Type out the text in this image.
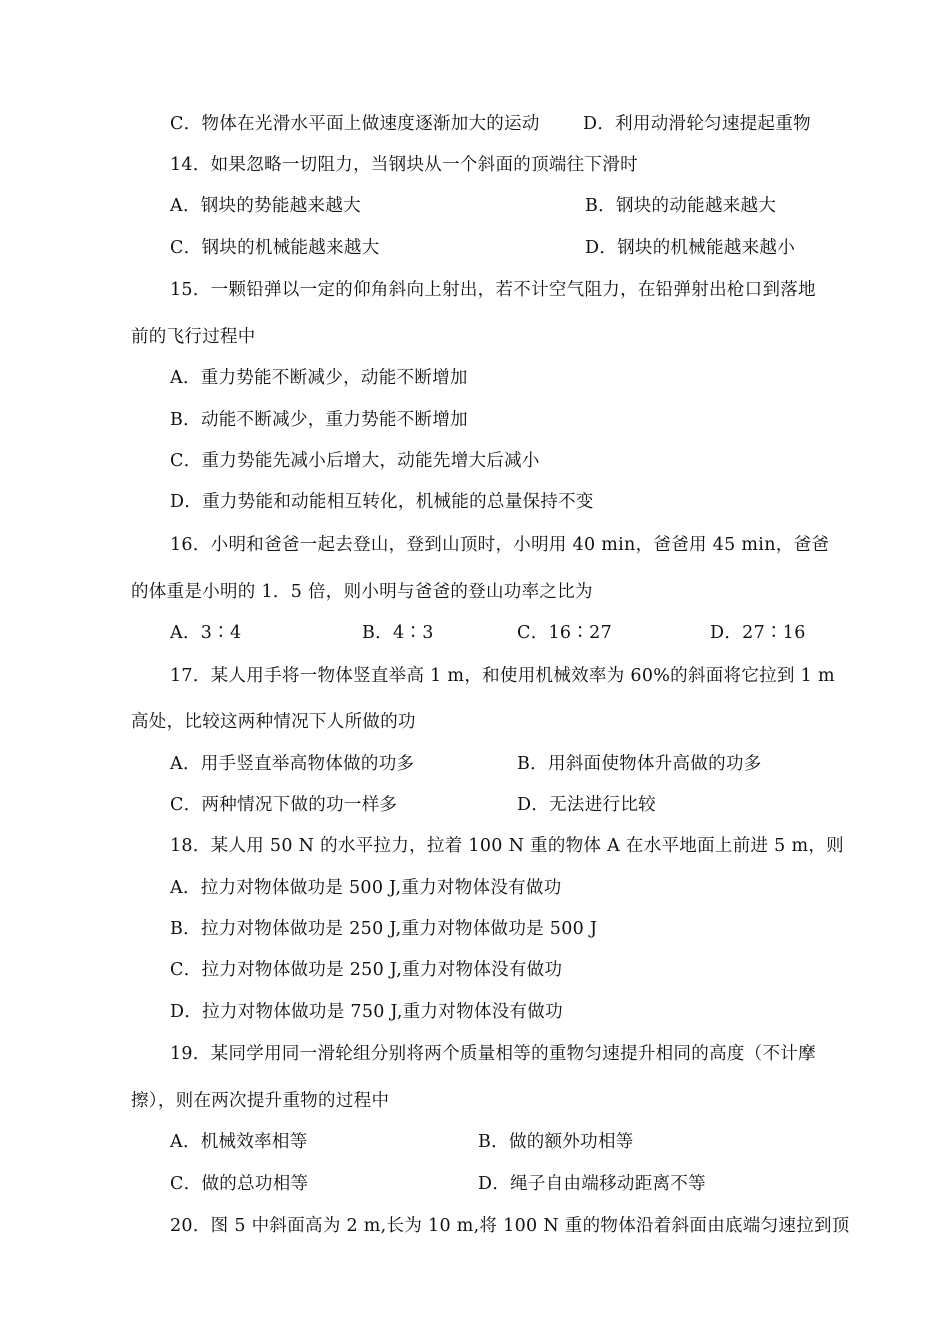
C．物体在光滑水平面上做速度逐渐加大的运动 D．利用动滑轮匀速提起重物
14．如果忽略一切阻力，当钢块从一个斜面的顶端往下滑时
A．钢块的势能越来越大	B．钢块的动能越来越大
C．钢块的机械能越来越大	D．钢块的机械能越来越小
15．一颗铅弹以一定的仰角斜向上射出，若不计空气阻力，在铅弹射出枪口到落地
前的飞行过程中
A．重力势能不断减少，动能不断增加
B．动能不断减少，重力势能不断增加
C．重力势能先减小后增大，动能先增大后减小
D．重力势能和动能相互转化，机械能的总量保持不变
16．小明和爸爸一起去登山，登到山顶时，小明用 40 min，爸爸用 45 min，爸爸
的体重是小明的 1．5 倍，则小明与爸爸的登山功率之比为
A．3∶4	B．4∶3	C．16∶27	D．27∶16
17．某人用手将一物体竖直举高 1 m，和使用机械效率为 60%的斜面将它拉到 1 m
高处，比较这两种情况下人所做的功
A．用手竖直举高物体做的功多	B．用斜面使物体升高做的功多
C．两种情况下做的功一样多	D．无法进行比较
18．某人用 50 N 的水平拉力，拉着 100 N 重的物体 A 在水平地面上前进 5 m，则
A．拉力对物体做功是 500 J,重力对物体没有做功
B．拉力对物体做功是 250 J,重力对物体做功是 500 J
C．拉力对物体做功是 250 J,重力对物体没有做功
D．拉力对物体做功是 750 J,重力对物体没有做功
19．某同学用同一滑轮组分别将两个质量相等的重物匀速提升相同的高度（不计摩
擦），则在两次提升重物的过程中
A．机械效率相等	B．做的额外功相等
C．做的总功相等	D．绳子自由端移动距离不等
20．图 5 中斜面高为 2 m,长为 10 m,将 100 N 重的物体沿着斜面由底端匀速拉到顶
